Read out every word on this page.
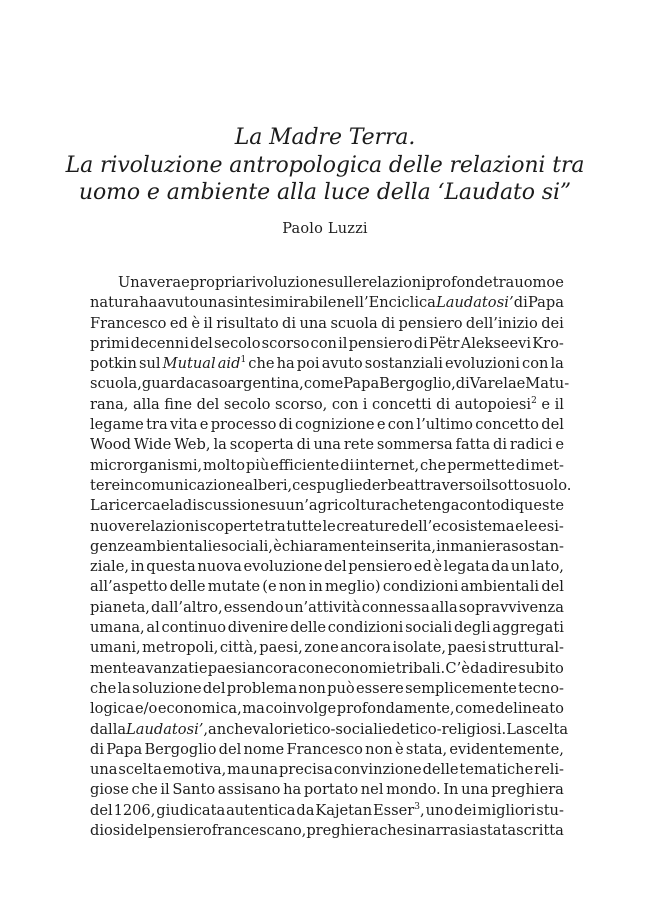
La Madre Terra.
La rivoluzione antropologica delle relazioni tra
uomo e ambiente alla luce della ‘Laudato si”
Paolo Luzzi
Una vera e propria rivoluzione sulle relazioni profonde tra uomo e
natura ha avuto una sintesi mirabile nell’Enciclica Laudato si’ di Papa
Francesco ed è il risultato di una scuola di pensiero dell’inizio dei
primi decenni del secolo scorso con il pensiero di Pëtr Alekseevi Kro-
potkin sul Mutual aid$^1$ che ha poi avuto sostanziali evoluzioni con la
scuola, guarda caso argentina, come Papa Bergoglio, di Varela e Matu-
rana, alla fine del secolo scorso, con i concetti di autopoiesi$^2$ e il
legame tra vita e processo di cognizione e con l’ultimo concetto del
Wood Wide Web, la scoperta di una rete sommersa fatta di radici e
microrganismi, molto più efficiente di internet, che permette di met-
tere in comunicazione alberi, cespugli ed erbe attraverso il sottosuolo.
La ricerca e la discussione su un’agricoltura che tenga conto di queste
nuove relazioni scoperte tra tutte le creature dell’ecosistema e le esi-
genze ambientali e sociali, è chiaramente inserita, in maniera sostan-
ziale, in questa nuova evoluzione del pensiero ed è legata da un lato,
all’aspetto delle mutate (e non in meglio) condizioni ambientali del
pianeta, dall’altro, essendo un’attività connessa alla sopravvivenza
umana, al continuo divenire delle condizioni sociali degli aggregati
umani, metropoli, città, paesi, zone ancora isolate, paesi struttural-
mente avanzati e paesi ancora con economie tribali. C’è da dire subito
che la soluzione del problema non può essere semplicemente tecno-
logica e/o economica, ma coinvolge profondamente, come delineato
dalla Laudato si’, anche valori etico-sociali ed etico-religiosi. La scelta
di Papa Bergoglio del nome Francesco non è stata, evidentemente,
una scelta emotiva, ma una precisa convinzione delle tematiche reli-
giose che il Santo assisano ha portato nel mondo. In una preghiera
del 1206, giudicata autentica da Kajetan Esser$^3$, uno dei migliori stu-
diosi del pensiero francescano, preghiera che si narra sia stata scritta
